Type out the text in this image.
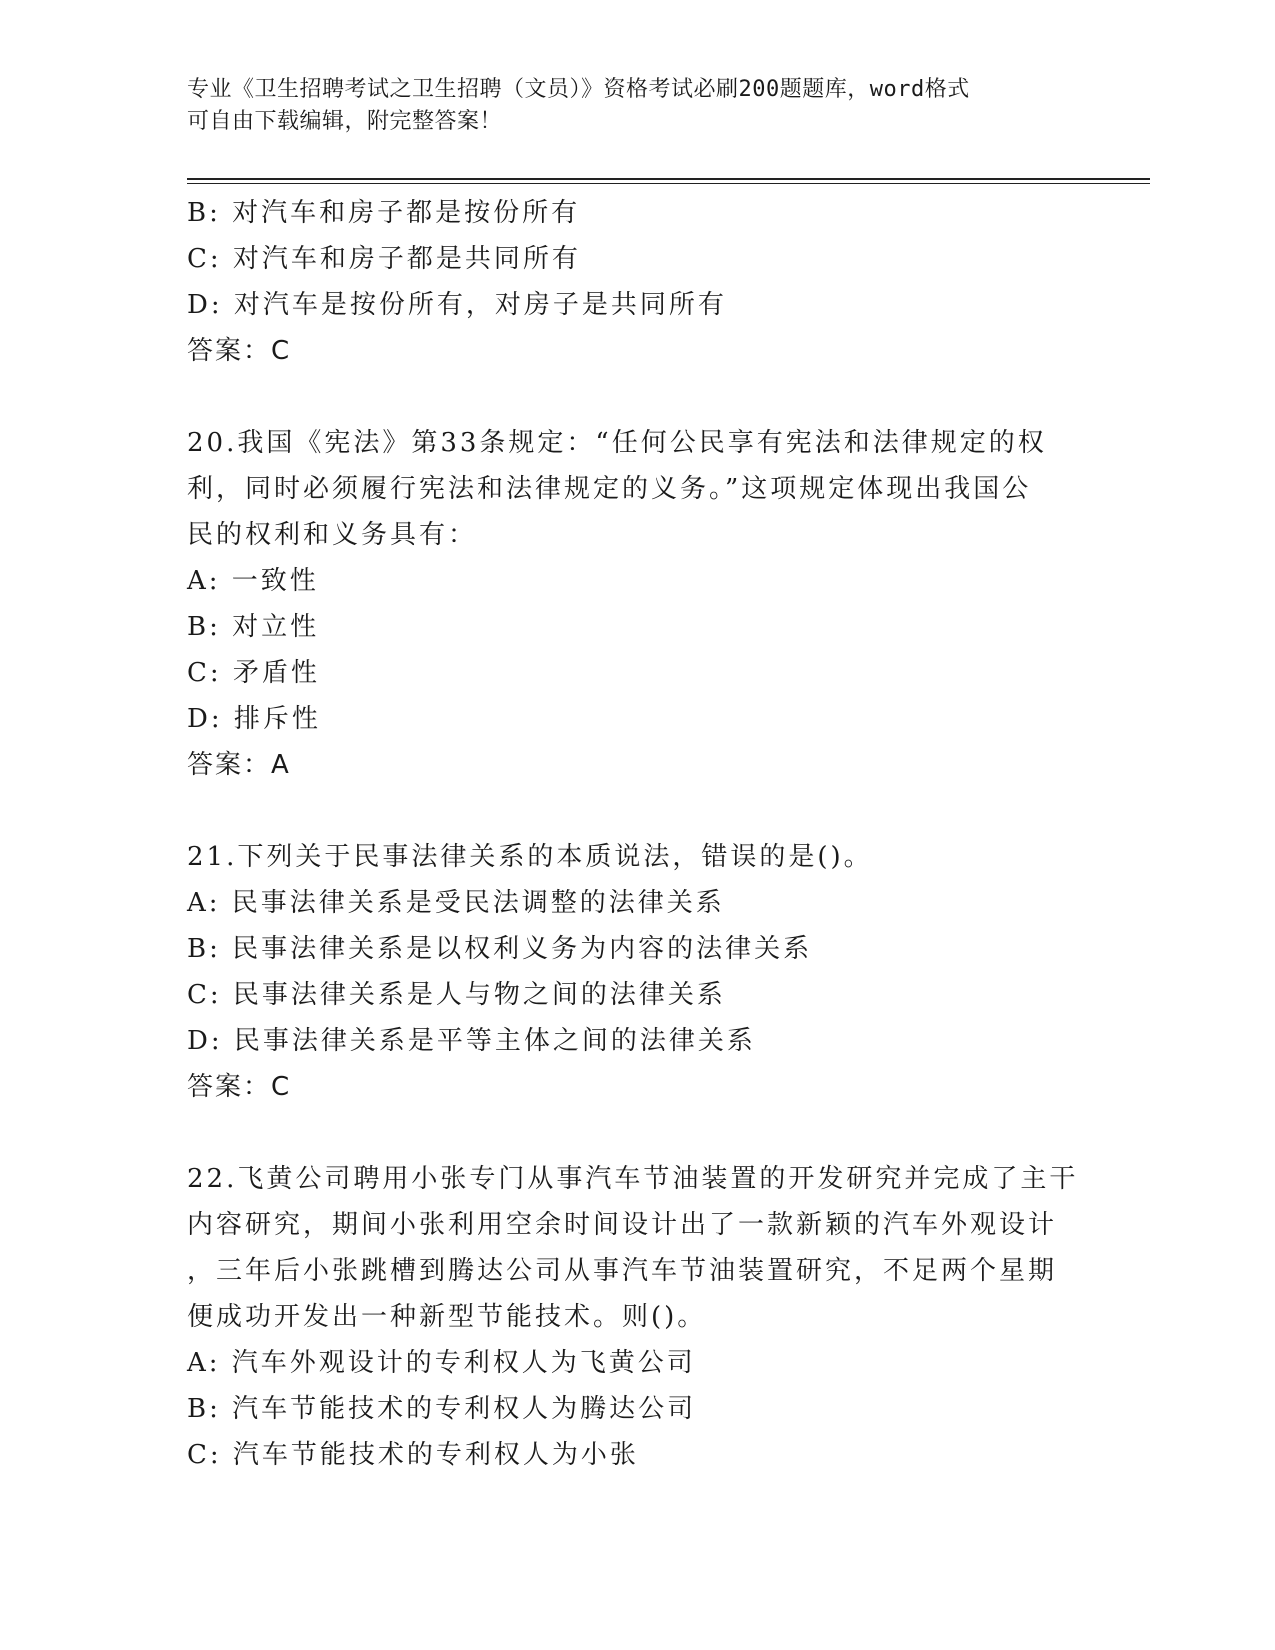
专业《卫生招聘考试之卫生招聘（文员）》资格考试必刷200题题库，word格式
可自由下载编辑，附完整答案！
B: 对汽车和房子都是按份所有
C: 对汽车和房子都是共同所有
D: 对汽车是按份所有，对房子是共同所有
答案：C
20.我国《宪法》第33条规定：“任何公民享有宪法和法律规定的权
利，同时必须履行宪法和法律规定的义务。”这项规定体现出我国公
民的权利和义务具有：
A: 一致性
B: 对立性
C: 矛盾性
D: 排斥性
答案：A
21.下列关于民事法律关系的本质说法，错误的是()。
A: 民事法律关系是受民法调整的法律关系
B: 民事法律关系是以权利义务为内容的法律关系
C: 民事法律关系是人与物之间的法律关系
D: 民事法律关系是平等主体之间的法律关系
答案：C
22.飞黄公司聘用小张专门从事汽车节油装置的开发研究并完成了主干
内容研究，期间小张利用空余时间设计出了一款新颖的汽车外观设计
，三年后小张跳槽到腾达公司从事汽车节油装置研究，不足两个星期
便成功开发出一种新型节能技术。则()。
A: 汽车外观设计的专利权人为飞黄公司
B: 汽车节能技术的专利权人为腾达公司
C: 汽车节能技术的专利权人为小张
